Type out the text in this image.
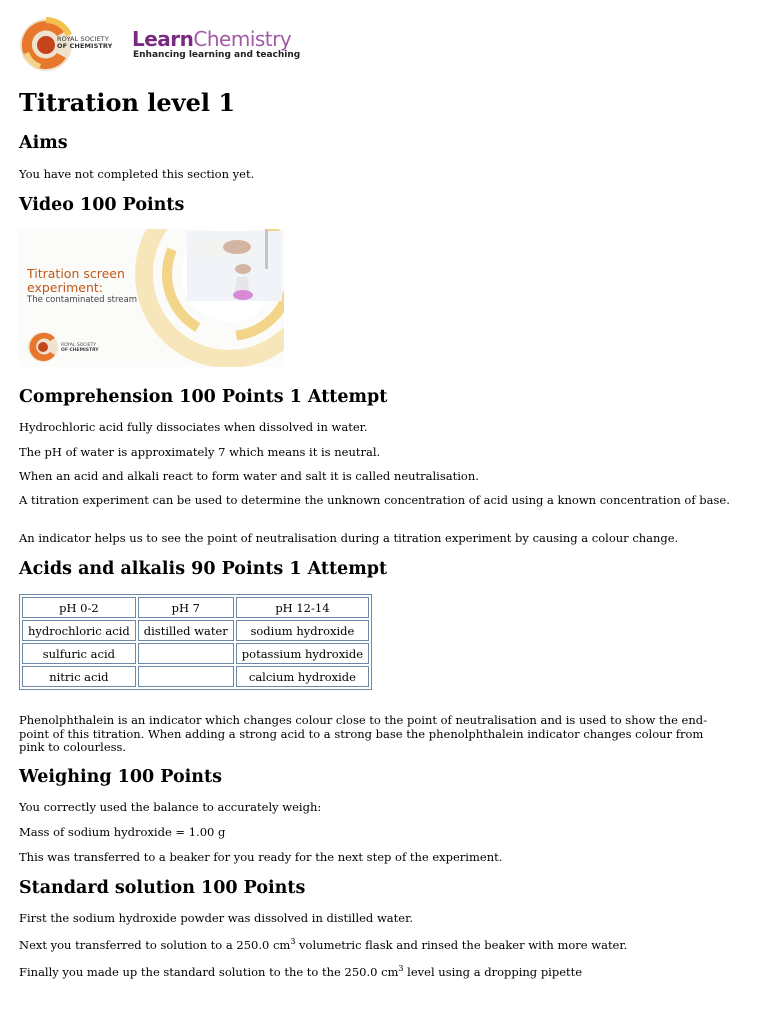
ROYAL SOCIETY
OF CHEMISTRY LearnChemistry
Enhancing learning and teaching
Titration level 1
Aims

You have not completed this section yet.

Video 100 Points
ROYAL SOCIETY
OF CHEMISTRY
Titration screen
experiment:
The contaminated stream
Comprehension 100 Points 1 Attempt

Hydrochloric acid fully dissociates when dissolved in water.

The pH of water is approximately 7 which means it is neutral.

When an acid and alkali react to form water and salt it is called neutralisation.

A titration experiment can be used to determine the unknown concentration of acid using a known concentration of base.

An indicator helps us to see the point of neutralisation during a titration experiment by causing a colour change.

Acids and alkalis 90 Points 1 Attempt
pH 0-2	pH 7	pH 12-14
hydrochloric acid	distilled water	sodium hydroxide
sulfuric acid		potassium hydroxide
nitric acid		calcium hydroxide

Phenolphthalein is an indicator which changes colour close to the point of neutralisation and is used to show the end-point of this titration. When adding a strong acid to a strong base the phenolphthalein indicator changes colour from pink to colourless.

Weighing 100 Points

You correctly used the balance to accurately weigh:

Mass of sodium hydroxide = 1.00 g

This was transferred to a beaker for you ready for the next step of the experiment.

Standard solution 100 Points

First the sodium hydroxide powder was dissolved in distilled water.

Next you transferred to solution to a 250.0 $cm^3$ volumetric flask and rinsed the beaker with more water.

Finally you made up the standard solution to the to the 250.0 $cm^3$ level using a dropping pipette
